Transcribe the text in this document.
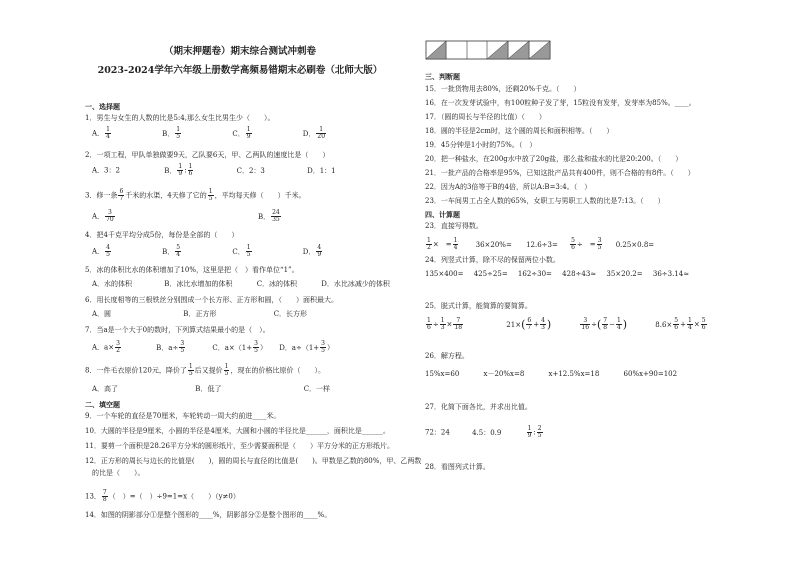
（期末押题卷）期末综合测试冲刺卷
2023-2024学年六年级上册数学高频易错期末必刷卷（北师大版）
一、选择题
1．男生与女生的人数的比是5:4,那么女生比男生少（　　）。
A． $\frac{1}{4}$	B． $\frac{1}{5}$	C． $\frac{1}{9}$	D． $\frac{1}{20}$
2．一项工程，甲队单独做要9天，乙队要6天，甲、乙两队的速度比是（　　）
A．3：2	B． $\frac{1}{9}$ : $\frac{1}{6}$	C．2：3	D．1：1
3．修一条 $\frac{6}{7}$ 千米的水渠，4天修了它的 $\frac{1}{5}$ ，平均每天修（　　）千米。
A． $\frac{3}{70}$	B． $\frac{24}{35}$
4．把4千克平均分成5份，每份是全部的（　　）
A． $\frac{4}{5}$	B． $\frac{5}{4}$	C． $\frac{1}{5}$	D． $\frac{4}{9}$
5．冰的体积比水的体积增加了10%，这里是把（　）看作单位“1”。
A．水的体积	B．冰比水增加的体积	C．冰的体积	D．水比冰减少的体积
6．用长度相等的三根铁丝分别围成一个长方形、正方形和圆，（　　）面积最大。
A．圆	B．正方形	C．长方形
7．当a是一个大于0的数时，下列算式结果最小的是（　）。
A．$a\times \frac{3}{2}$	B．$a\div \frac{3}{5}$	C．$a\times(1+ \frac{3}{5}$ ） D．$a\div(1+ \frac{3}{5}$ ）
8．一件毛衣原价120元，降价了 $\frac{1}{5}$ 后又提价 $\frac{1}{5}$ ，现在的价格比原价（　　）。
A．高了	B．低了	C．一样
二、填空题
9．一个车轮的直径是70厘米，车轮转动一周大约前进____米。
10．大圆的半径是9厘米，小圆的半径是4厘米，大圆和小圆的半径比是______，面积比是______。
11．要剪一个面积是28.26平方分米的圆形纸片，至少需要面积是（　　）平方分米的正方形纸片。
12．正方形的周长与边长的比值是(　　)，圆的周长与直径的比值是(　　)。甲数是乙数的80%，甲、乙两数
的比是（　　）。
13． $\frac{7}{8}$ （　）=（　）÷9=1=x（　　）（y≠0）
14．如图的阴影部分①是整个图形的____%，阴影部分②是整个图形的____%。
三、判断题
15．一批货物用去80%，还剩20%千克。（　　）
16．在一次发芽试验中，有100粒种子发了芽，15粒没有发芽，发芽率为85%。____。
17．（圆的周长与半径的比值）（　　）
18．圆的半径是2cm时，这个圆的周长和面积相等。（　　）
19．45分钟是1小时的75%。（　）
20．把一种盐水，在200g水中放了20g盐，那么盐和盐水的比是20:200。（　　）
21．一批产品的合格率是95%，已知这批产品共有400件，则不合格的有8件。（　　）
22．因为A的3倍等于B的4倍，所以A:B=3:4。（　）
23．一车间男工占全人数的65%，女职工与男职工人数的比是7:13。（　　）
四、计算题
23．直接写得数。
$\frac{1}{2}$ ×　= $\frac{1}{4} 36\times 20\%= 12.6\div 3= \frac{5}{6}$ ÷　= $\frac{3}{5} 0.25\times 0.8=$
24．列竖式计算，除不尽的保留两位小数。
135×400= 425÷25= 162÷30= 428÷43≈ 35×20.2= 36÷3.14≈
25．脱式计算，能简算的要简算。
$\frac{1}{6} \div \frac{1}{3} \times \frac{7}{18}$	$21\times( \frac{6}{7} + \frac{4}{3}$ )	$\frac{3}{16}$ ÷( $\frac{7}{8} - \frac{1}{4}$ )	$8.6\times \frac{5}{6} + \frac{1}{4} \times \frac{5}{6}$
26．解方程。
15%x=60	x－20%x=8	x+12.5%x=18	60%x+90=102
27．化简下面各比，并求出比值。
72：24	4.5：0.9	$\frac{1}{9}$ : $\frac{2}{5}$
28．看图列式计算。
